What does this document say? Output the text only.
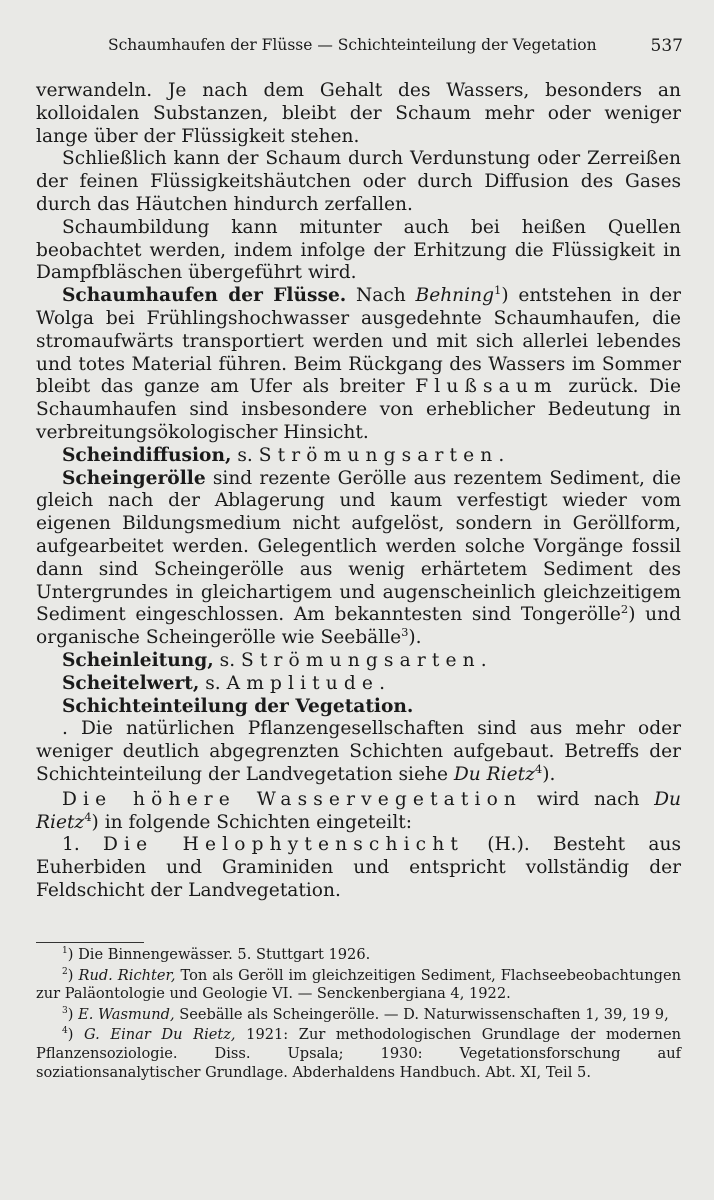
Schaumhaufen der Flüsse — Schichteinteilung der Vegetation	537

verwandeln. Je nach dem Gehalt des Wassers, besonders an kolloidalen Substanzen, bleibt der Schaum mehr oder weniger lange über der Flüssigkeit stehen.

Schließlich kann der Schaum durch Verdunstung oder Zerreißen der feinen Flüssigkeitshäutchen oder durch Diffusion des Gases durch das Häutchen hindurch zerfallen.

Schaumbildung kann mitunter auch bei heißen Quellen beobachtet werden, indem infolge der Erhitzung die Flüssigkeit in Dampfbläschen übergeführt wird.

Schaumhaufen der Flüsse. Nach Behning$^1$) entstehen in der Wolga bei Frühlingshochwasser ausgedehnte Schaumhaufen, die stromaufwärts transportiert werden und mit sich allerlei lebendes und totes Material führen. Beim Rückgang des Wassers im Sommer bleibt das ganze am Ufer als breiter Flußsaum zurück. Die Schaumhaufen sind insbesondere von erheblicher Bedeutung in verbreitungsökologischer Hinsicht.

Scheindiffusion, s. Strömungsarten.

Scheingerölle sind rezente Gerölle aus rezentem Sediment, die gleich nach der Ablagerung und kaum verfestigt wieder vom eigenen Bildungsmedium nicht aufgelöst, sondern in Geröllform, aufgearbeitet werden. Gelegentlich werden solche Vorgänge fossil dann sind Scheingerölle aus wenig erhärtetem Sediment des Untergrundes in gleichartigem und augenscheinlich gleichzeitigem Sediment eingeschlossen. Am bekanntesten sind Tongerölle$^2$) und organische Scheingerölle wie Seebälle$^3$).

Scheinleitung, s. Strömungsarten.

Scheitelwert, s. Amplitude.

Schichteinteilung der Vegetation.

. Die natürlichen Pflanzengesellschaften sind aus mehr oder weniger deutlich abgegrenzten Schichten aufgebaut. Betreffs der Schichteinteilung der Landvegetation siehe Du Rietz$^4$).

Die höhere Wasservegetation wird nach Du Rietz$^4$) in folgende Schichten eingeteilt:

1. Die Helophytenschicht (H.). Besteht aus Euherbiden und Graminiden und entspricht vollständig der Feldschicht der Landvegetation.

$^1$) Die Binnengewässer. 5. Stuttgart 1926.

$^2$) Rud. Richter, Ton als Geröll im gleichzeitigen Sediment, Flachseebeobachtungen zur Paläontologie und Geologie VI. — Senckenbergiana 4, 1922.

$^3$) E. Wasmund, Seebälle als Scheingerölle. — D. Naturwissenschaften 1, 39, 19 9,

$^4$) G. Einar Du Rietz, 1921: Zur methodologischen Grundlage der modernen Pflanzensoziologie. Diss. Upsala; 1930: Vegetationsforschung auf soziationsanalytischer Grundlage. Abderhaldens Handbuch. Abt. XI, Teil 5.
